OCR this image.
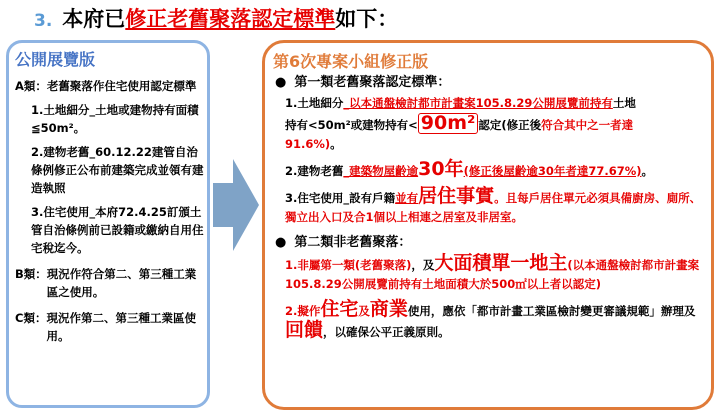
3. 本府已 修正老舊聚落認定標準 如下：
公開展覽版
A類： 老舊聚落作住宅使用認定標準
1.土地細分_土地或建物持有面積≦50m²。
2.建物老舊_60.12.22建管自治條例修正公布前建築完成並領有建造執照
3.住宅使用_本府72.4.25訂頒土管自治條例前已設籍或繳納自用住宅稅迄今。
B類： 現況作符合第二、第三種工業區之使用。
C類： 現況作第二、第三種工業區使用。
第6次專案小組修正版
● 第一類老舊聚落認定標準：
1.土地細分_以本通盤檢討都市計畫案105.8.29公開展覽前持有土地
持有<50m²或建物持有< 90m² 認定(修正後符合其中之一者達
91.6%)。
2.建物老舊_建築物屋齡逾30年(修正後屋齡逾30年者達77.67%)。
3.住宅使用_設有戶籍並有居住事實。且每戶居住單元必須具備廚房、廁所、獨立出入口及合1個以上相連之居室及非居室。
● 第二類非老舊聚落：
1.非屬第一類(老舊聚落)，及大面積單一地主(以本通盤檢討都市計畫案105.8.29公開展覽前持有土地面積大於500㎡以上者以認定)
2.擬作住宅及商業使用，應依「都市計畫工業區檢討變更審議規範」辦理及回饋，以確保公平正義原則。
